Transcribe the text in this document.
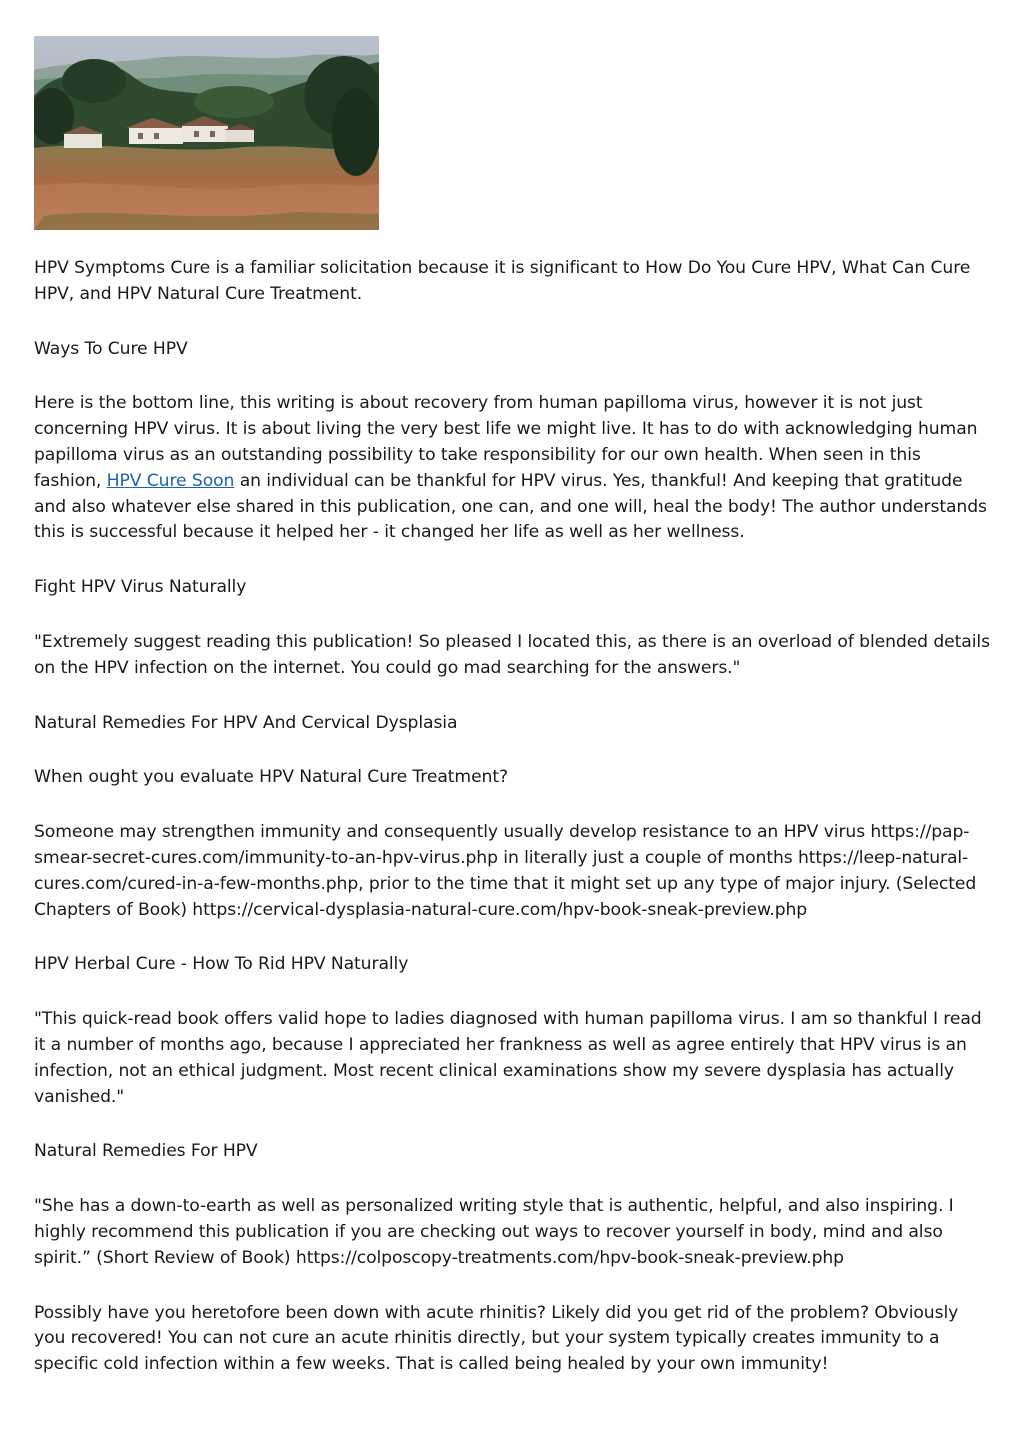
HPV Symptoms Cure is a familiar solicitation because it is significant to How Do You Cure HPV, What Can Cure HPV, and HPV Natural Cure Treatment.

Ways To Cure HPV

Here is the bottom line, this writing is about recovery from human papilloma virus, however it is not just concerning HPV virus. It is about living the very best life we might live. It has to do with acknowledging human papilloma virus as an outstanding possibility to take responsibility for our own health. When seen in this fashion, HPV Cure Soon an individual can be thankful for HPV virus. Yes, thankful! And keeping that gratitude and also whatever else shared in this publication, one can, and one will, heal the body! The author understands this is successful because it helped her - it changed her life as well as her wellness.

Fight HPV Virus Naturally

"Extremely suggest reading this publication! So pleased I located this, as there is an overload of blended details on the HPV infection on the internet. You could go mad searching for the answers."

Natural Remedies For HPV And Cervical Dysplasia

When ought you evaluate HPV Natural Cure Treatment?

Someone may strengthen immunity and consequently usually develop resistance to an HPV virus https://pap-smear-secret-cures.com/immunity-to-an-hpv-virus.php in literally just a couple of months https://leep-natural-cures.com/cured-in-a-few-months.php, prior to the time that it might set up any type of major injury. (Selected Chapters of Book) https://cervical-dysplasia-natural-cure.com/hpv-book-sneak-preview.php

HPV Herbal Cure - How To Rid HPV Naturally

"This quick-read book offers valid hope to ladies diagnosed with human papilloma virus. I am so thankful I read it a number of months ago, because I appreciated her frankness as well as agree entirely that HPV virus is an infection, not an ethical judgment. Most recent clinical examinations show my severe dysplasia has actually vanished."

Natural Remedies For HPV

"She has a down-to-earth as well as personalized writing style that is authentic, helpful, and also inspiring. I highly recommend this publication if you are checking out ways to recover yourself in body, mind and also spirit.” (Short Review of Book) https://colposcopy-treatments.com/hpv-book-sneak-preview.php

Possibly have you heretofore been down with acute rhinitis? Likely did you get rid of the problem? Obviously you recovered! You can not cure an acute rhinitis directly, but your system typically creates immunity to a specific cold infection within a few weeks. That is called being healed by your own immunity!
